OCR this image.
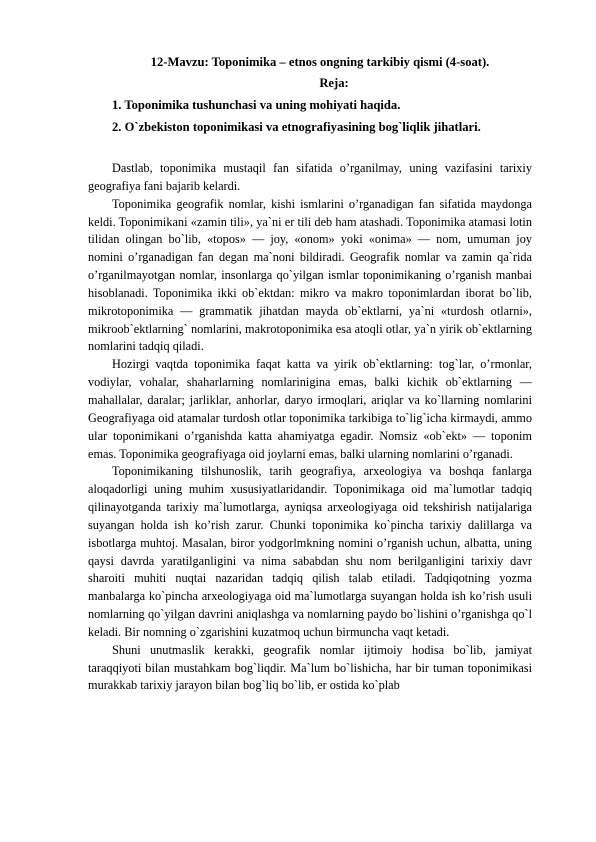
12-Mavzu: Toponimika – etnos ongning tarkibiy qismi (4-soat).

Reja:

1. Toponimika tushunchasi va uning mohiyati haqida.

2. O`zbekiston toponimikasi va etnografiyasining bog`liqlik jihatlari.

Dastlab, toponimika mustaqil fan sifatida o’rganilmay, uning vazifasini tarixiy geografiya fani bajarib kelardi.

Toponimika geografik nomlar, kishi ismlarini o’rganadigan fan sifatida maydonga keldi. Toponimikani «zamin tili», ya`ni er tili deb ham atashadi. Toponimika atamasi lotin tilidan olingan bo`lib, «topos» — joy, «onom» yoki «onima» — nom, umuman joy nomini o’rganadigan fan degan ma`noni bildiradi. Geografik nomlar va zamin qa`rida o’rganilmayotgan nomlar, insonlarga qo`yilgan ismlar toponimikaning o’rganish manbai hisoblanadi. Toponimika ikki ob`ektdan: mikro va makro toponimlardan iborat bo`lib, mikrotoponimika — grammatik jihatdan mayda ob`ektlarni, ya`ni «turdosh otlarni», mikroob`ektlarning` nomlarini, makrotoponimika esa atoqli otlar, ya`n yirik ob`ektlarning nomlarini tadqiq qiladi.

Hozirgi vaqtda toponimika faqat katta va yirik ob`ektlarning: tog`lar, o’rmonlar, vodiylar, vohalar, shaharlarning nomlarinigina emas, balki kichik ob`ektlarning — mahallalar, daralar; jarliklar, anhorlar, daryo irmoqlari, ariqlar va ko`llarning nomlarini Geografiyaga oid atamalar turdosh otlar toponimika tarkibiga to`lig`icha kirmaydi, ammo ular toponimikani o’rganishda katta ahamiyatga egadir. Nomsiz «ob`ekt» — toponim emas. Toponimika geografiyaga oid joylarni emas, balki ularning nomlarini o’rganadi.

Toponimikaning tilshunoslik, tarih geografiya, arxeologiya va boshqa fanlarga aloqadorligi uning muhim xususiyatlaridandir. Toponimikaga oid ma`lumotlar tadqiq qilinayotganda tarixiy ma`lumotlarga, ayniqsa arxeologiyaga oid tekshirish natijalariga suyangan holda ish ko’rish zarur. Chunki toponimika ko`pincha tarixiy dalillarga va isbotlarga muhtoj. Masalan, biror yodgorlmkning nomini o’rganish uchun, albatta, uning qaysi davrda yaratilganligini va nima sababdan shu nom berilganligini tarixiy davr sharoiti muhiti nuqtai nazaridan tadqiq qilish talab etiladi. Tadqiqotning yozma manbalarga ko`pincha arxeologiyaga oid ma`lumotlarga suyangan holda ish ko’rish usuli nomlarning qo`yilgan davrini aniqlashga va nomlarning paydo bo`lishini o’rganishga qo`l keladi. Bir nomning o`zgarishini kuzatmoq uchun birmuncha vaqt ketadi.

Shuni unutmaslik kerakki, geografik nomlar ijtimoiy hodisa bo`lib, jamiyat taraqqiyoti bilan mustahkam bog`liqdir. Ma`lum bo`lishicha, har bir tuman toponimikasi murakkab tarixiy jarayon bilan bog`liq bo`lib, er ostida ko`plab
